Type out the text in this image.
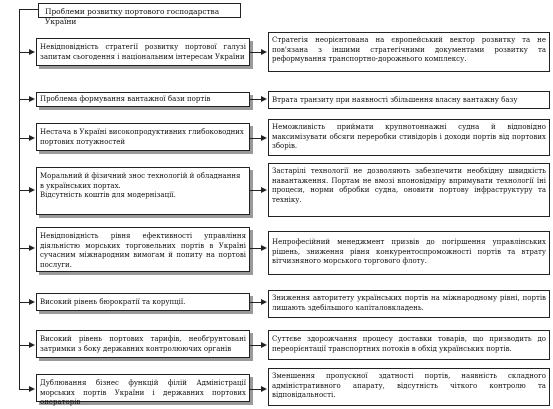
Проблеми розвитку портового господарства України
Невідповідність стратегії розвитку портової галузі запитам сьогодення і національним інтересам України
Стратегія неорієнтована на європейський вектор розвитку та не пов'язана з іншими стратегічними документами розвитку та реформування транспортно-дорожнього комплексу.
Проблема формування вантажної бази портів	Втрата транзиту при наявності збільшення власну вантажну базу
Нестача в Україні високопродуктивних глибоководних портових потужностей
Неможливість приймати крупнотоннажні судна й відповідно максимізувати обсяги переробки стивідорів і доходи портів від портових зборів.
Моральний й фізичний знос технологій й обладнання в українських портах.
Відсутність коштів для модернізації.
Застарілі технології не дозволяють забезпечити необхідну швидкість навантаження. Портам не вмозі впоновідміру впримувати технології їні процеси, норми обробки судна, оновити портову інфраструктуру та техніку.
Невідповідність рівня ефективності управління діяльністю морських торговельних портів в Україні сучасним міжнародним вимогам й попиту на портові послуги.
Непрофесійний менеджмент призвів до погіршення управлінських рішень, зниження рівня конкурентоспроможності портів та втрату вітчизняного морського торгового флоту.
Високий рівень бюрократії та корупції.	Зниження авторитету українських портів на міжнародному рівні, портів лишають здебільшого капіталовкладень.
Високий рівень портових тарифів, необґрунтовані затримки з боку державних контролюючих органів
Суттєве здорожчання процесу доставки товарів, що призводить до переорієнтації транспортних потоків в обхід українських портів.
Дублювання бізнес функцій філій Адміністрації морських портів України і державних портових операторів
Зменшення пропускної здатності портів, наявність складного адміністративного апарату, відсутність чіткого контролю та відповідальності.
